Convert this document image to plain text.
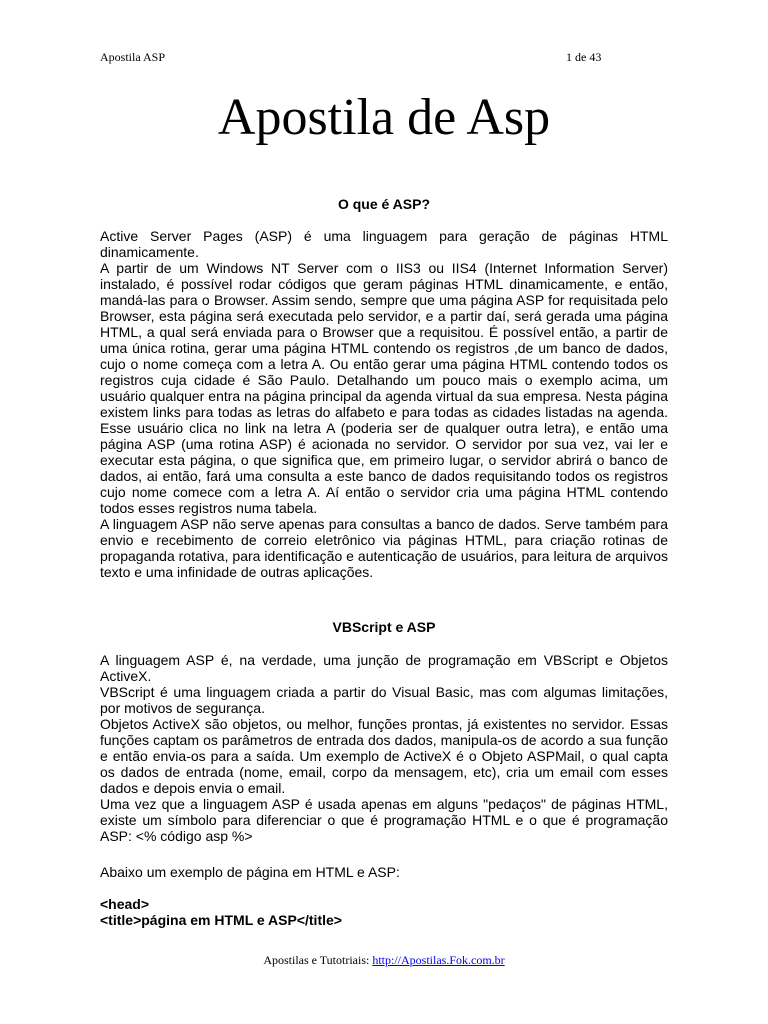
Apostila ASP	1 de 43
Apostila de Asp

O que é ASP?

Active Server Pages (ASP) é uma linguagem para geração de páginas HTML dinamicamente.

A partir de um Windows NT Server com o IIS3 ou IIS4 (Internet Information Server) instalado, é possível rodar códigos que geram páginas HTML dinamicamente, e então, mandá-las para o Browser. Assim sendo, sempre que uma página ASP for requisitada pelo Browser, esta página será executada pelo servidor, e a partir daí, será gerada uma página HTML, a qual será enviada para o Browser que a requisitou. É possível então, a partir de uma única rotina, gerar uma página HTML contendo os registros ,de um banco de dados, cujo o nome começa com a letra A. Ou então gerar uma página HTML contendo todos os registros cuja cidade é São Paulo. Detalhando um pouco mais o exemplo acima, um usuário qualquer entra na página principal da agenda virtual da sua empresa. Nesta página existem links para todas as letras do alfabeto e para todas as cidades listadas na agenda. Esse usuário clica no link na letra A (poderia ser de qualquer outra letra), e então uma página ASP (uma rotina ASP) é acionada no servidor. O servidor por sua vez, vai ler e executar esta página, o que significa que, em primeiro lugar, o servidor abrirá o banco de dados, ai então, fará uma consulta a este banco de dados requisitando todos os registros cujo nome comece com a letra A. Aí então o servidor cria uma página HTML contendo todos esses registros numa tabela.

A linguagem ASP não serve apenas para consultas a banco de dados. Serve também para envio e recebimento de correio eletrônico via páginas HTML, para criação rotinas de propaganda rotativa, para identificação e autenticação de usuários, para leitura de arquivos texto e uma infinidade de outras aplicações.

VBScript e ASP

A linguagem ASP é, na verdade, uma junção de programação em VBScript e Objetos ActiveX.

VBScript é uma linguagem criada a partir do Visual Basic, mas com algumas limitações, por motivos de segurança.

Objetos ActiveX são objetos, ou melhor, funções prontas, já existentes no servidor. Essas funções captam os parâmetros de entrada dos dados, manipula-os de acordo a sua função e então envia-os para a saída. Um exemplo de ActiveX é o Objeto ASPMail, o qual capta os dados de entrada (nome, email, corpo da mensagem, etc), cria um email com esses dados e depois envia o email.

Uma vez que a linguagem ASP é usada apenas em alguns "pedaços" de páginas HTML, existe um símbolo para diferenciar o que é programação HTML e o que é programação ASP: <% código asp %>

Abaixo um exemplo de página em HTML e ASP:

<head>

<title>página em HTML e ASP</title>

Apostilas e Tutotriais: http://Apostilas.Fok.com.br
